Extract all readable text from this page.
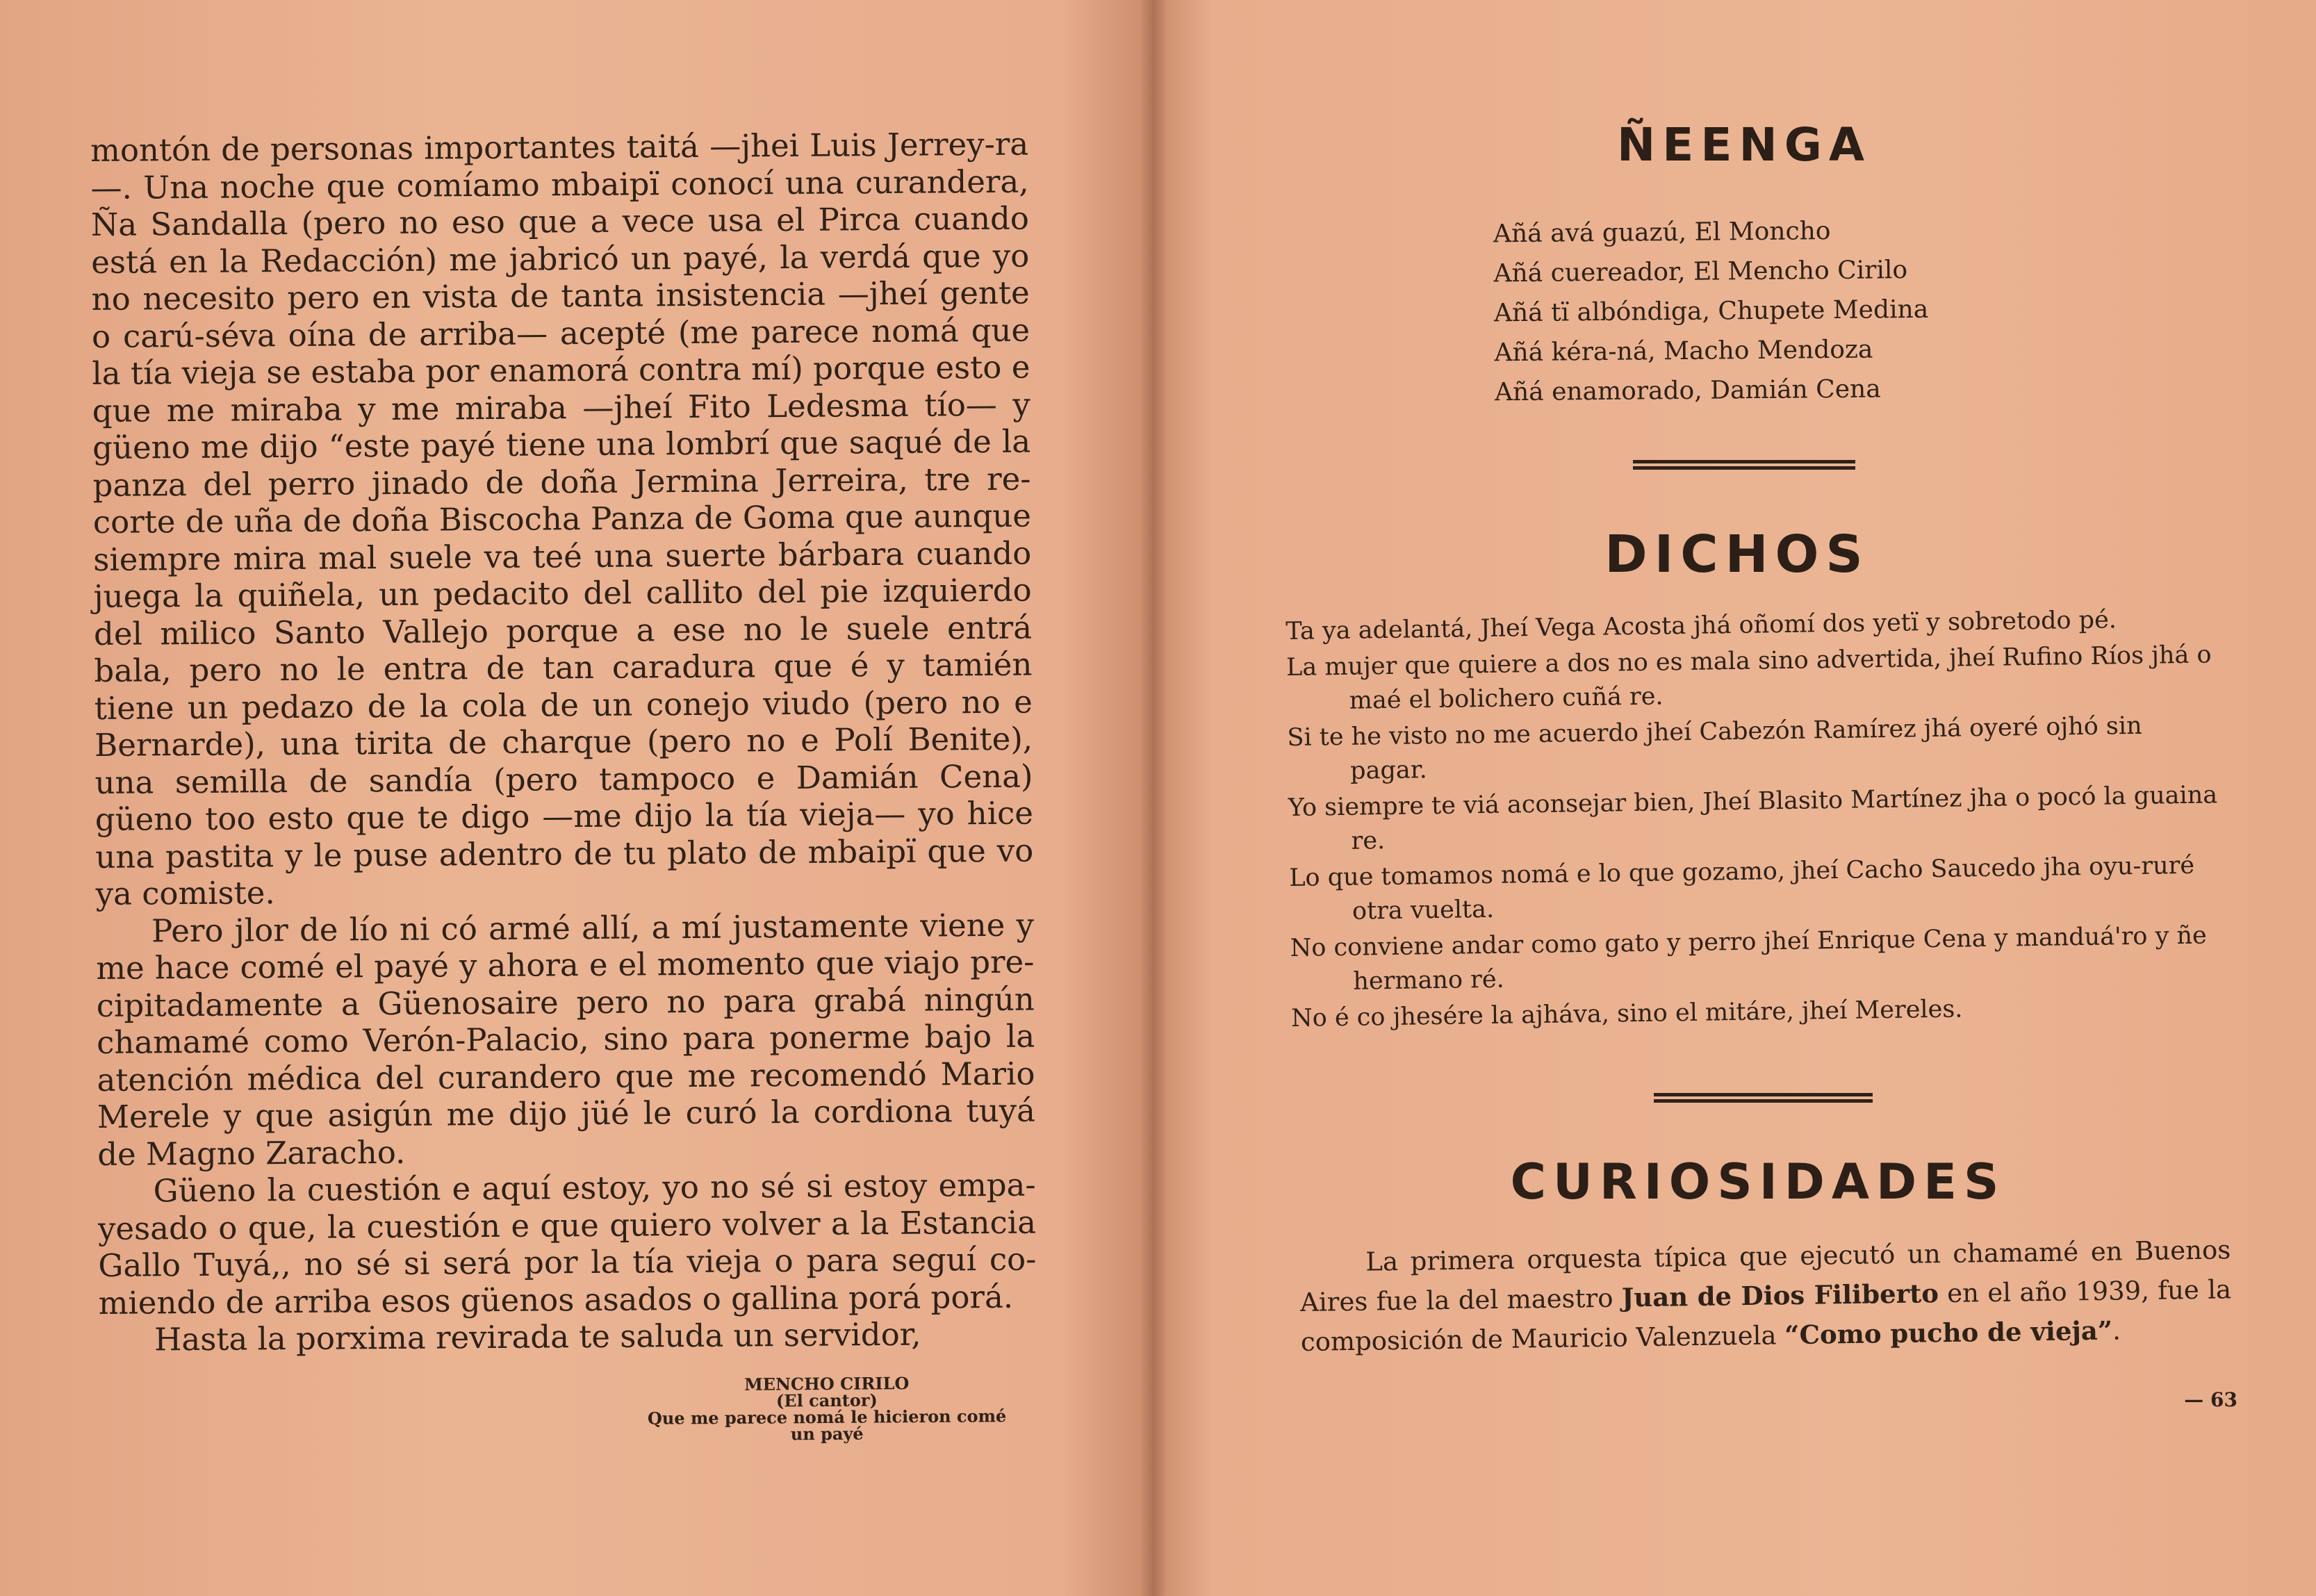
montón de personas importantes taitá —jhei Luis Jerrey-ra—. Una noche que comíamo mbaipï conocí una curandera, Ña Sandalla (pero no eso que a vece usa el Pirca cuando está en la Redacción) me jabricó un payé, la verdá que yo no necesito pero en vista de tanta insistencia —jheí gente o carú-séva oína de arriba— acepté (me parece nomá que la tía vieja se estaba por enamorá contra mí) porque esto e que me miraba y me miraba —jheí Fito Ledesma tío— y güeno me dijo “este payé tiene una lombrí que saqué de la panza del perro jinado de doña Jermina Jerreira, tre re-corte de uña de doña Biscocha Panza de Goma que aunque siempre mira mal suele va teé una suerte bárbara cuando juega la quiñela, un pedacito del callito del pie izquierdo del milico Santo Vallejo porque a ese no le suele entrá bala, pero no le entra de tan caradura que é y tamién tiene un pedazo de la cola de un conejo viudo (pero no e Bernarde), una tirita de charque (pero no e Polí Benite), una semilla de sandía (pero tampoco e Damián Cena) güeno too esto que te digo —me dijo la tía vieja— yo hice una pastita y le puse adentro de tu plato de mbaipï que vo ya comiste.

Pero jlor de lío ni có armé allí, a mí justamente viene y me hace comé el payé y ahora e el momento que viajo pre-cipitadamente a Güenosaire pero no para grabá ningún chamamé como Verón-Palacio, sino para ponerme bajo la atención médica del curandero que me recomendó Mario Merele y que asigún me dijo jüé le curó la cordiona tuyá de Magno Zaracho.

Güeno la cuestión e aquí estoy, yo no sé si estoy empa-yesado o que, la cuestión e que quiero volver a la Estancia Gallo Tuyá,, no sé si será por la tía vieja o para seguí co-miendo de arriba esos güenos asados o gallina porá porá.

Hasta la porxima revirada te saluda un servidor,

MENCHO CIRILO
(El cantor)
Que me parece nomá le hicieron comé
un payé
ÑEENGA
Añá avá guazú, El Moncho
Añá cuereador, El Mencho Cirilo
Añá tï albóndiga, Chupete Medina
Añá kéra-ná, Macho Mendoza
Añá enamorado, Damián Cena
DICHOS
Ta ya adelantá, Jheí Vega Acosta jhá oñomí dos yetï y sobretodo pé.
La mujer que quiere a dos no es mala sino advertida, jheí Rufino Ríos jhá o maé el bolichero cuñá re.
Si te he visto no me acuerdo jheí Cabezón Ramírez jhá oyeré ojhó sin pagar.
Yo siempre te viá aconsejar bien, Jheí Blasito Martínez jha o pocó la guaina re.
Lo que tomamos nomá e lo que gozamo, jheí Cacho Saucedo jha oyu-ruré otra vuelta.
No conviene andar como gato y perro jheí Enrique Cena y manduá'ro y ñe hermano ré.
No é co jhesére la ajháva, sino el mitáre, jheí Mereles.
CURIOSIDADES
La primera orquesta típica que ejecutó un chamamé en Buenos Aires fue la del maestro Juan de Dios Filiberto en el año 1939, fue la composición de Mauricio Valenzuela “Como pucho de vieja”.
— 63
